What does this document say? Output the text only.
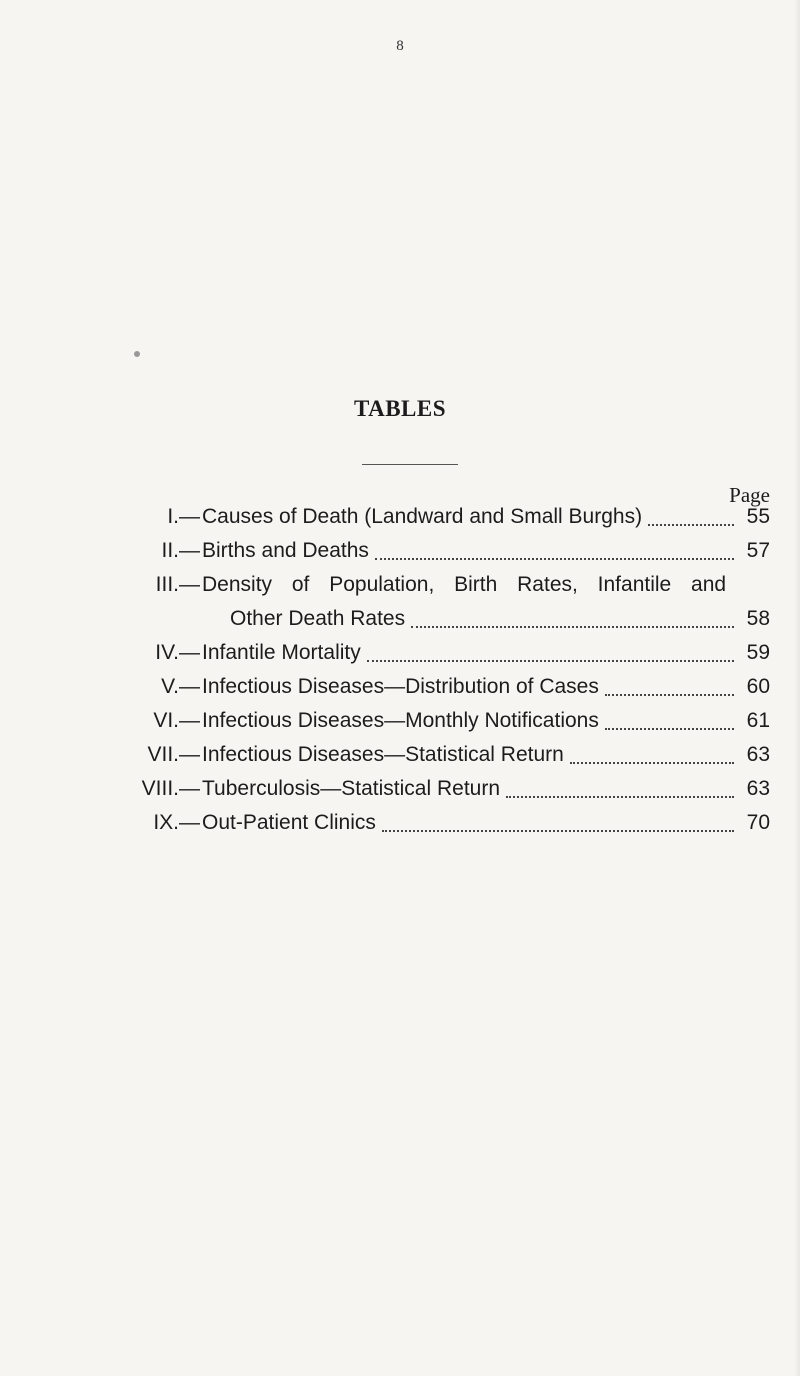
8
TABLES
Page
I.— Causes of Death (Landward and Small Burghs)	55
II.— Births and Deaths	57
III.— Density of Population, Birth Rates, Infantile and
Other Death Rates	58
IV.— Infantile Mortality	59
V.— Infectious Diseases—Distribution of Cases	60
VI.— Infectious Diseases—Monthly Notifications	61
VII.— Infectious Diseases—Statistical Return	63
VIII.— Tuberculosis—Statistical Return	63
IX.— Out-Patient Clinics	70
